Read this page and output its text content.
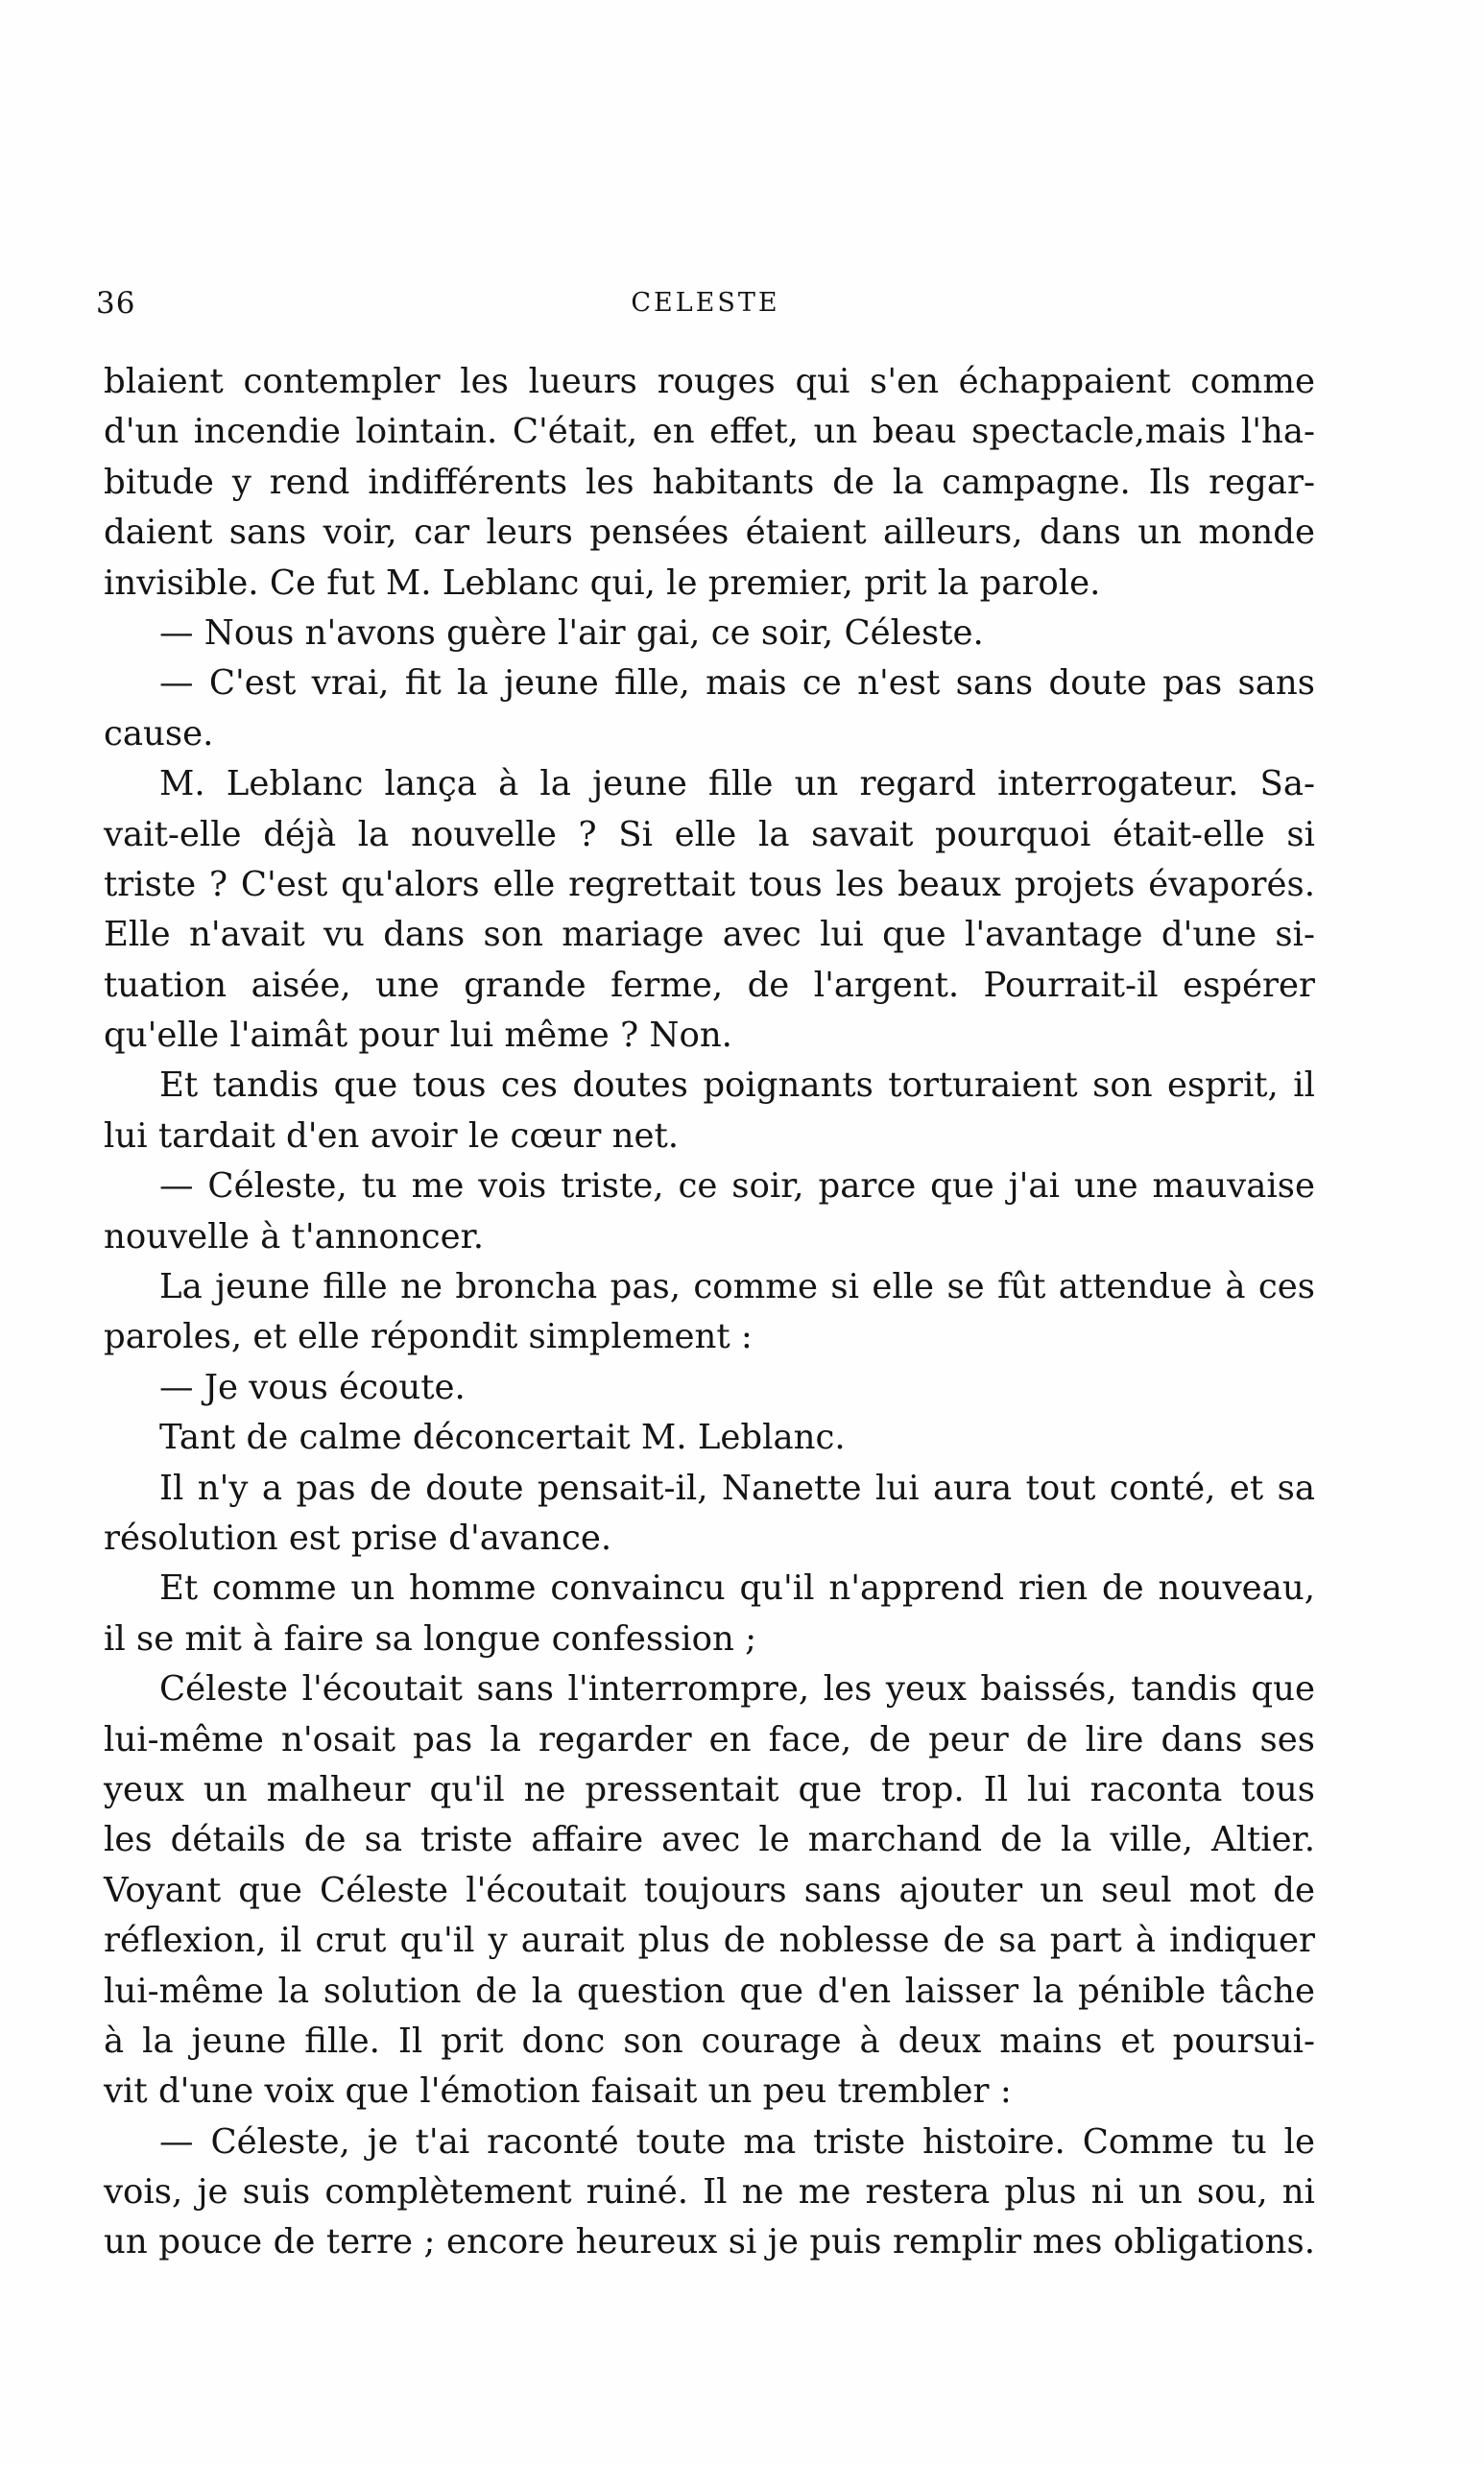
36	CELESTE
blaient contempler les lueurs rouges qui s'en échappaient comme
d'un incendie lointain. C'était, en effet, un beau spectacle,mais l'ha-
bitude y rend indifférents les habitants de la campagne. Ils regar-
daient sans voir, car leurs pensées étaient ailleurs, dans un monde
invisible. Ce fut M. Leblanc qui, le premier, prit la parole.
— Nous n'avons guère l'air gai, ce soir, Céleste.
— C'est vrai, fit la jeune fille, mais ce n'est sans doute pas sans
cause.
M. Leblanc lança à la jeune fille un regard interrogateur. Sa-
vait-elle déjà la nouvelle ? Si elle la savait pourquoi était-elle si
triste ? C'est qu'alors elle regrettait tous les beaux projets évaporés.
Elle n'avait vu dans son mariage avec lui que l'avantage d'une si-
tuation aisée, une grande ferme, de l'argent. Pourrait-il espérer
qu'elle l'aimât pour lui même ? Non.
Et tandis que tous ces doutes poignants torturaient son esprit, il
lui tardait d'en avoir le cœur net.
— Céleste, tu me vois triste, ce soir, parce que j'ai une mauvaise
nouvelle à t'annoncer.
La jeune fille ne broncha pas, comme si elle se fût attendue à ces
paroles, et elle répondit simplement :
— Je vous écoute.
Tant de calme déconcertait M. Leblanc.
Il n'y a pas de doute pensait-il, Nanette lui aura tout conté, et sa
résolution est prise d'avance.
Et comme un homme convaincu qu'il n'apprend rien de nouveau,
il se mit à faire sa longue confession ;
Céleste l'écoutait sans l'interrompre, les yeux baissés, tandis que
lui-même n'osait pas la regarder en face, de peur de lire dans ses
yeux un malheur qu'il ne pressentait que trop. Il lui raconta tous
les détails de sa triste affaire avec le marchand de la ville, Altier.
Voyant que Céleste l'écoutait toujours sans ajouter un seul mot de
réflexion, il crut qu'il y aurait plus de noblesse de sa part à indiquer
lui-même la solution de la question que d'en laisser la pénible tâche
à la jeune fille. Il prit donc son courage à deux mains et poursui-
vit d'une voix que l'émotion faisait un peu trembler :
— Céleste, je t'ai raconté toute ma triste histoire. Comme tu le
vois, je suis complètement ruiné. Il ne me restera plus ni un sou, ni
un pouce de terre ; encore heureux si je puis remplir mes obligations.
